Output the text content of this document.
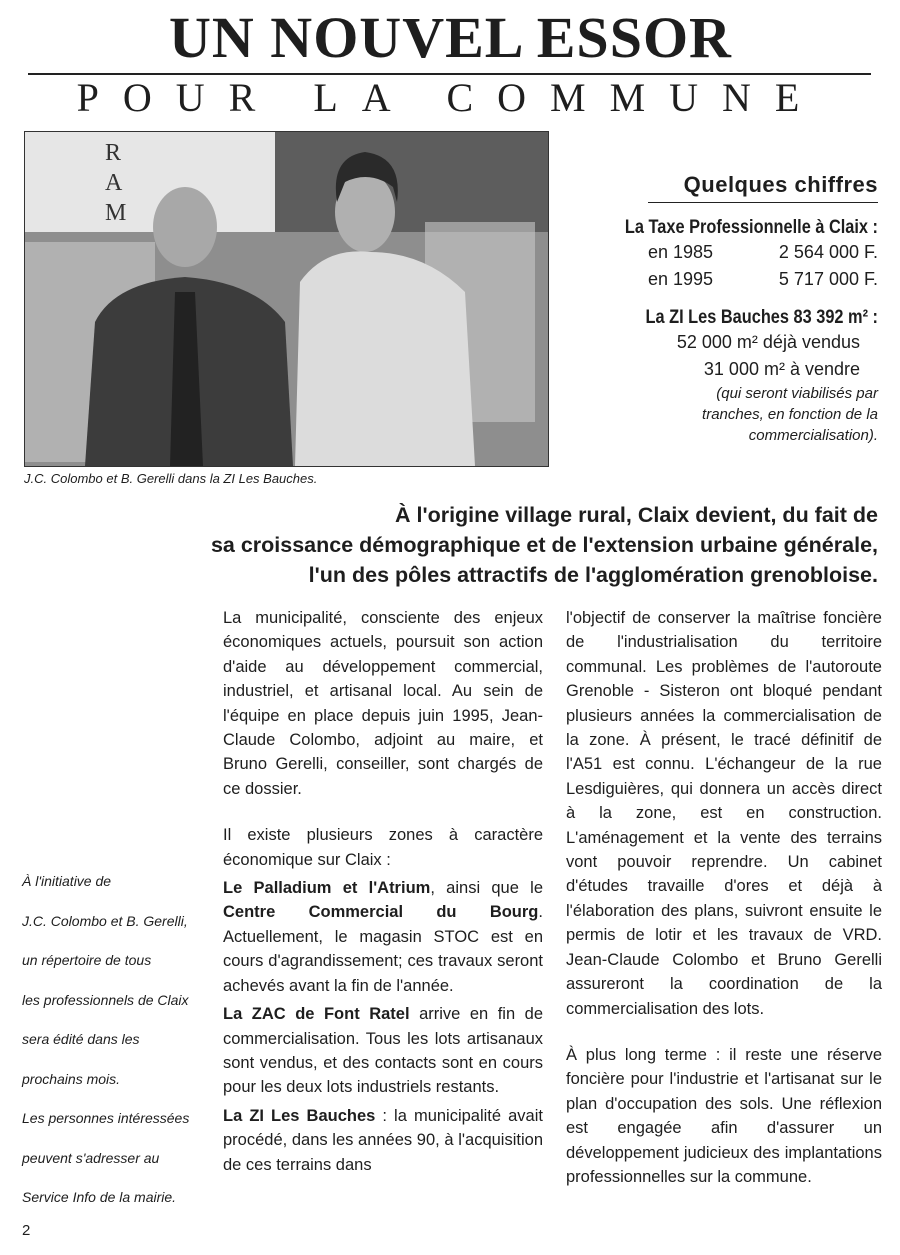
UN NOUVEL ESSOR
POUR LA COMMUNE
R
A
M
J.C. Colombo et B. Gerelli dans la ZI Les Bauches.
Quelques chiffres
La Taxe Professionnelle à Claix :
en 1985	2 564 000 F.
en 1995	5 717 000 F.
La ZI Les Bauches 83 392 m² :
52 000 m² déjà vendus
31 000 m² à vendre
(qui seront viabilisés par tranches, en fonction de la commercialisation).
À l'origine village rural, Claix devient, du fait de
sa croissance démographique et de l'extension urbaine générale,
l'un des pôles attractifs de l'agglomération grenobloise.
À l'initiative de
J.C. Colombo et B. Gerelli,
un répertoire de tous
les professionnels de Claix
sera édité dans les
prochains mois.
Les personnes intéressées
peuvent s'adresser au
Service Info de la mairie.

La municipalité, consciente des enjeux économiques actuels, poursuit son action d'aide au développement commercial, industriel, et artisanal local. Au sein de l'équipe en place depuis juin 1995, Jean-Claude Colombo, adjoint au maire, et Bruno Gerelli, conseiller, sont chargés de ce dossier.

Il existe plusieurs zones à caractère économique sur Claix :

Le Palladium et l'Atrium, ainsi que le Centre Commercial du Bourg. Actuellement, le magasin STOC est en cours d'agrandissement; ces travaux seront achevés avant la fin de l'année.

La ZAC de Font Ratel arrive en fin de commercialisation. Tous les lots artisanaux sont vendus, et des contacts sont en cours pour les deux lots industriels restants.

La ZI Les Bauches : la municipalité avait procédé, dans les années 90, à l'acquisition de ces terrains dans

l'objectif de conserver la maîtrise foncière de l'industrialisation du territoire communal. Les problèmes de l'autoroute Grenoble - Sisteron ont bloqué pendant plusieurs années la commercialisation de la zone. À présent, le tracé définitif de l'A51 est connu. L'échangeur de la rue Lesdiguières, qui donnera un accès direct à la zone, est en construction. L'aménagement et la vente des terrains vont pouvoir reprendre. Un cabinet d'études travaille d'ores et déjà à l'élaboration des plans, suivront ensuite le permis de lotir et les travaux de VRD. Jean-Claude Colombo et Bruno Gerelli assureront la coordination de la commercialisation des lots.

À plus long terme : il reste une réserve foncière pour l'industrie et l'artisanat sur le plan d'occupation des sols. Une réflexion est engagée afin d'assurer un développement judicieux des implantations professionnelles sur la commune.

2
